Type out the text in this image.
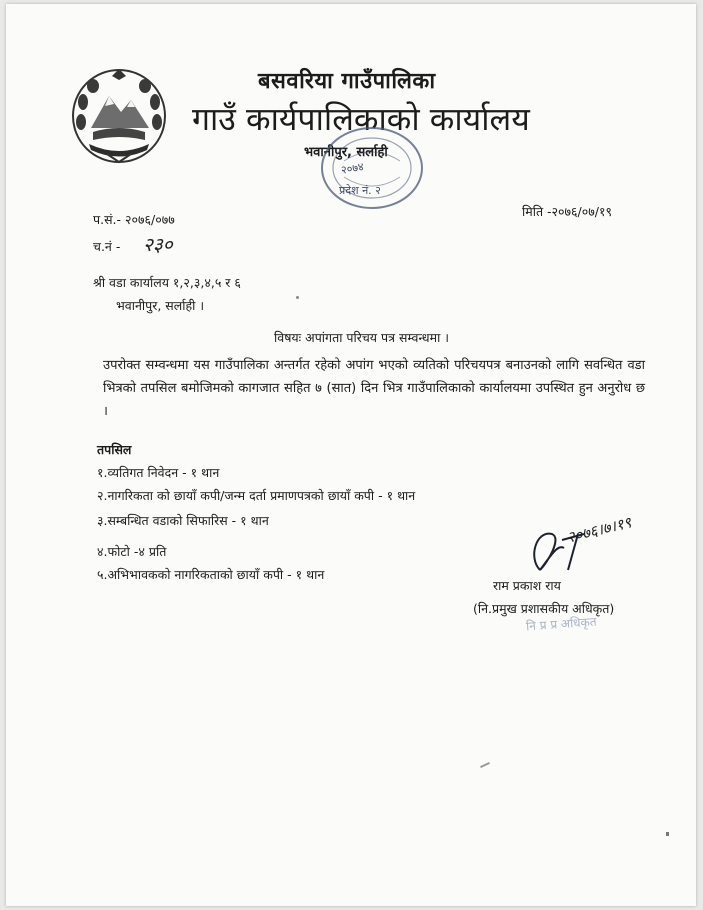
बसवरिया गाउँपालिका
गाउँ कार्यपालिकाको कार्यालय
भवानीपुर, सर्लाही
२०७४
प्रदेश नं. २
प.सं.- २०७६/०७७
मिति -२०७६/०७/१९
च.नं - २३०
श्री वडा कार्यालय १,२,३,४,५ र ६
भवानीपुर, सर्लाही ।
विषयः अपांगता परिचय पत्र सम्वन्धमा ।
उपरोक्त सम्वन्धमा यस गाउँपालिका अन्तर्गत रहेको अपांग भएको व्यतिको परिचयपत्र बनाउनको लागि सवन्धित वडा भित्रको तपसिल बमोजिमको कागजात सहित ७ (सात) दिन भित्र गाउँपालिकाको कार्यालयमा उपस्थित हुन अनुरोध छ ।
तपसिल
१.व्यतिगत निवेदन - १ थान
२.नागरिकता को छायाँ कपी/जन्म दर्ता प्रमाणपत्रको छायाँ कपी - १ थान
३.सम्बन्धित वडाको सिफारिस - १ थान
४.फोटो -४ प्रति
५.अभिभावकको नागरिकताको छायाँ कपी - १ थान
२०७६।७।१९
राम प्रकाश राय
(नि.प्रमुख प्रशासकीय अधिकृत)
नि प्र प्र अधिकृत
